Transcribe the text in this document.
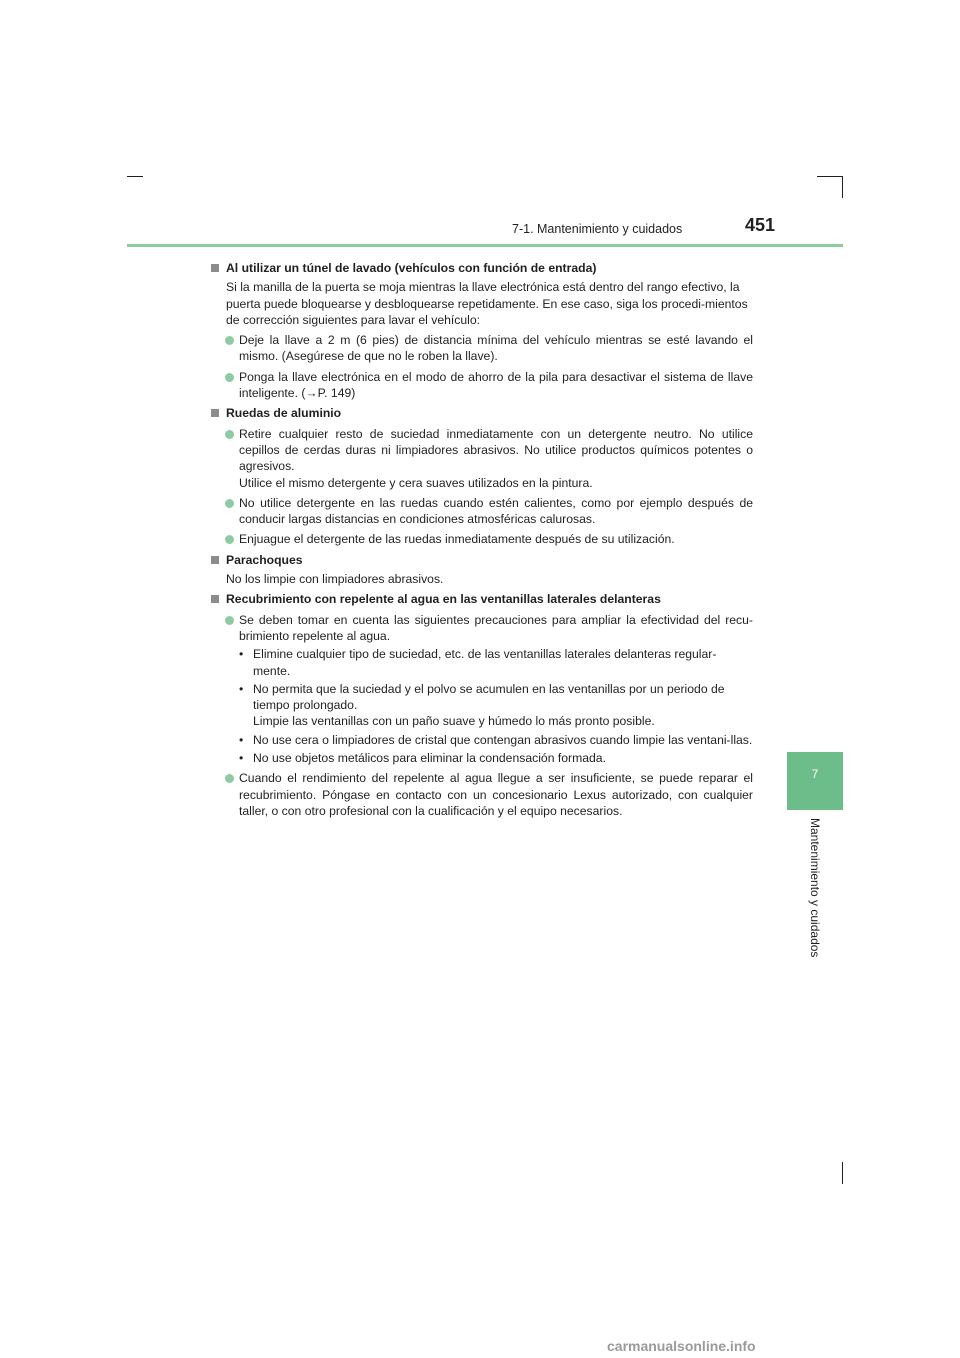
7-1. Mantenimiento y cuidados	451
7
Mantenimiento y cuidados
Al utilizar un túnel de lavado (vehículos con función de entrada)
Si la manilla de la puerta se moja mientras la llave electrónica está dentro del rango efectivo, la puerta puede bloquearse y desbloquearse repetidamente. En ese caso, siga los procedi-mientos de corrección siguientes para lavar el vehículo:
Deje la llave a 2 m (6 pies) de distancia mínima del vehículo mientras se esté lavando el mismo. (Asegúrese de que no le roben la llave).
Ponga la llave electrónica en el modo de ahorro de la pila para desactivar el sistema de llave inteligente. (→P. 149)
Ruedas de aluminio
Retire cualquier resto de suciedad inmediatamente con un detergente neutro. No utilice cepillos de cerdas duras ni limpiadores abrasivos. No utilice productos químicos potentes o agresivos.
Utilice el mismo detergente y cera suaves utilizados en la pintura.
No utilice detergente en las ruedas cuando estén calientes, como por ejemplo después de conducir largas distancias en condiciones atmosféricas calurosas.
Enjuague el detergente de las ruedas inmediatamente después de su utilización.
Parachoques
No los limpie con limpiadores abrasivos.
Recubrimiento con repelente al agua en las ventanillas laterales delanteras
Se deben tomar en cuenta las siguientes precauciones para ampliar la efectividad del recu-brimiento repelente al agua.
• Elimine cualquier tipo de suciedad, etc. de las ventanillas laterales delanteras regular-mente.
• No permita que la suciedad y el polvo se acumulen en las ventanillas por un periodo de tiempo prolongado.
Limpie las ventanillas con un paño suave y húmedo lo más pronto posible.
• No use cera o limpiadores de cristal que contengan abrasivos cuando limpie las ventani-llas.
• No use objetos metálicos para eliminar la condensación formada.
Cuando el rendimiento del repelente al agua llegue a ser insuficiente, se puede reparar el recubrimiento. Póngase en contacto con un concesionario Lexus autorizado, con cualquier taller, o con otro profesional con la cualificación y el equipo necesarios.
carmanualsonline.info
